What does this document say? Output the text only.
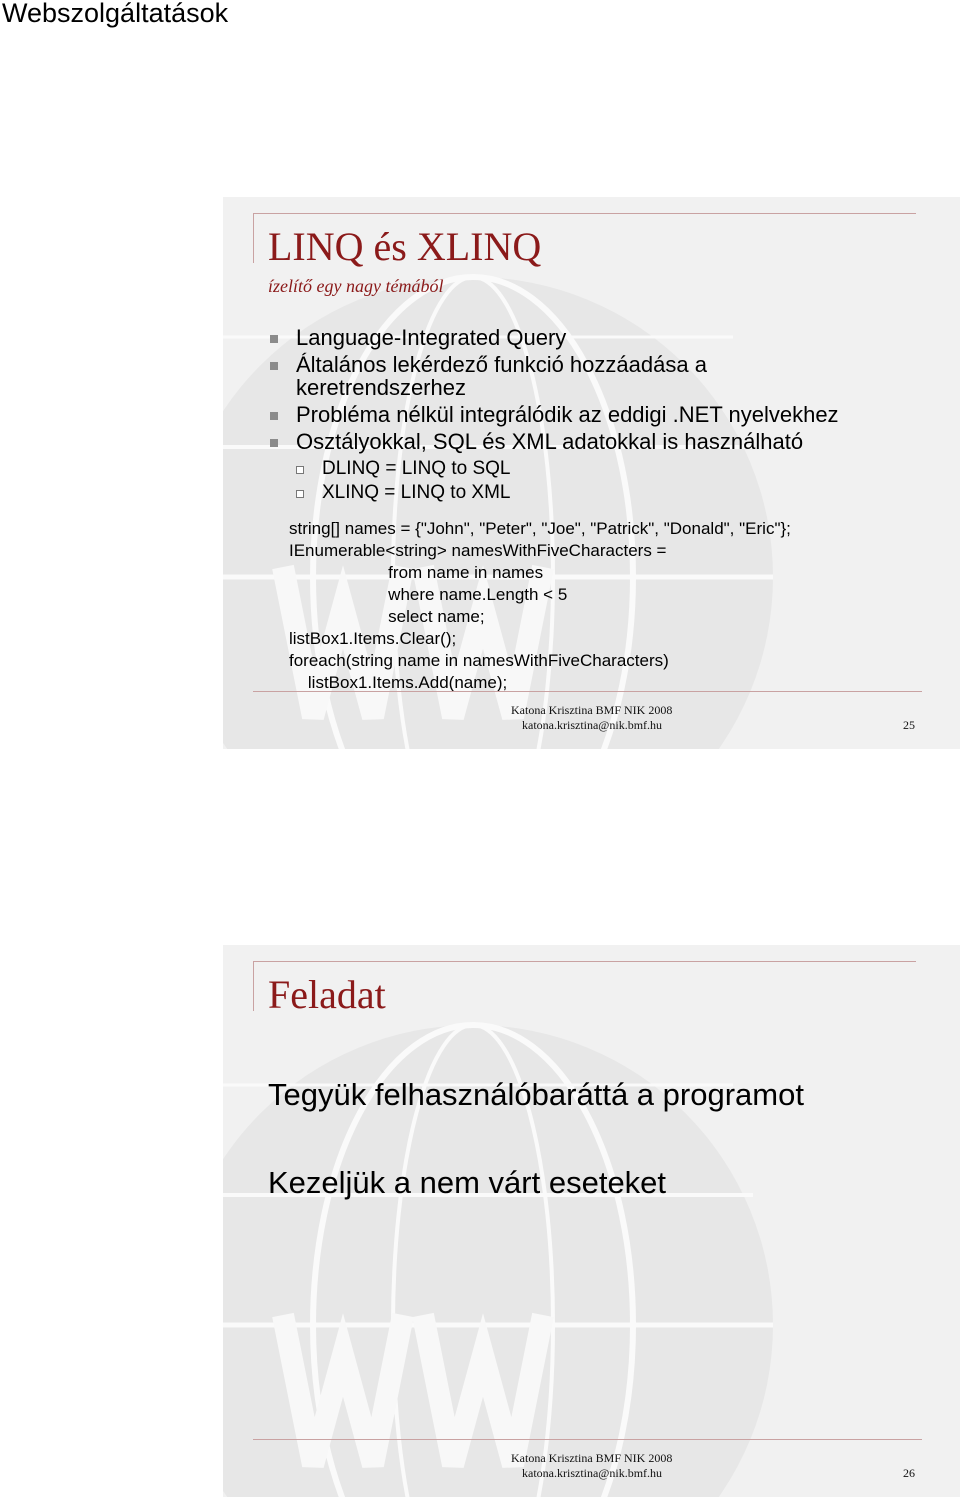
Webszolgáltatások
LINQ és XLINQ
ízelítő egy nagy témából
Language-Integrated Query
Általános lekérdező funkció hozzáadása a keretrendszerhez
Probléma nélkül integrálódik az eddigi .NET nyelvekhez
Osztályokkal, SQL és XML adatokkal is használható
DLINQ = LINQ to SQL
XLINQ = LINQ to XML
string[] names = {"John", "Peter", "Joe", "Patrick", "Donald", "Eric"};
IEnumerable<string> namesWithFiveCharacters =
from name in names
where name.Length < 5
select name;
listBox1.Items.Clear();
foreach(string name in namesWithFiveCharacters)
listBox1.Items.Add(name);
Katona Krisztina BMF NIK 2008
katona.krisztina@nik.bmf.hu	25
Feladat
Tegyük felhasználóbaráttá a programot
Kezeljük a nem várt eseteket
Katona Krisztina BMF NIK 2008
katona.krisztina@nik.bmf.hu	26
